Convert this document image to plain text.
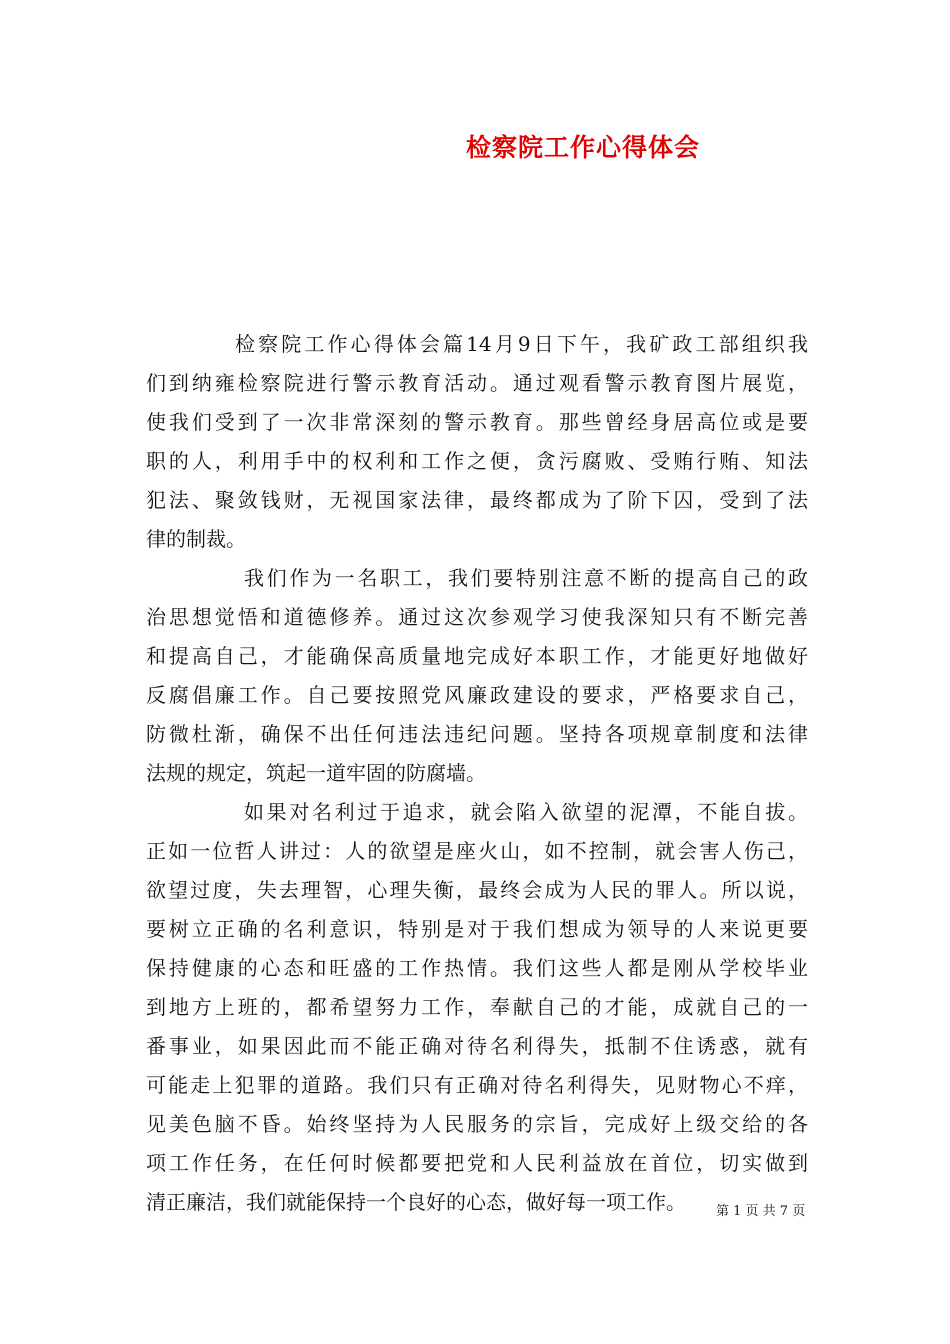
检察院工作心得体会

检察院工作心得体会篇14月9日下午，我矿政工部组织我
们到纳雍检察院进行警示教育活动。通过观看警示教育图片展览，
使我们受到了一次非常深刻的警示教育。那些曾经身居高位或是要
职的人，利用手中的权利和工作之便，贪污腐败、受贿行贿、知法
犯法、聚敛钱财，无视国家法律，最终都成为了阶下囚，受到了法
律的制裁。

我们作为一名职工，我们要特别注意不断的提高自己的政
治思想觉悟和道德修养。通过这次参观学习使我深知只有不断完善
和提高自己，才能确保高质量地完成好本职工作，才能更好地做好
反腐倡廉工作。自己要按照党风廉政建设的要求，严格要求自己，
防微杜渐，确保不出任何违法违纪问题。坚持各项规章制度和法律
法规的规定，筑起一道牢固的防腐墙。

如果对名利过于追求，就会陷入欲望的泥潭，不能自拔。
正如一位哲人讲过：人的欲望是座火山，如不控制，就会害人伤己，
欲望过度，失去理智，心理失衡，最终会成为人民的罪人。所以说，
要树立正确的名利意识，特别是对于我们想成为领导的人来说更要
保持健康的心态和旺盛的工作热情。我们这些人都是刚从学校毕业
到地方上班的，都希望努力工作，奉献自己的才能，成就自己的一
番事业，如果因此而不能正确对待名利得失，抵制不住诱惑，就有
可能走上犯罪的道路。我们只有正确对待名利得失，见财物心不痒，
见美色脑不昏。始终坚持为人民服务的宗旨，完成好上级交给的各
项工作任务，在任何时候都要把党和人民利益放在首位，切实做到
清正廉洁，我们就能保持一个良好的心态，做好每一项工作。	第 1 页 共 7 页
